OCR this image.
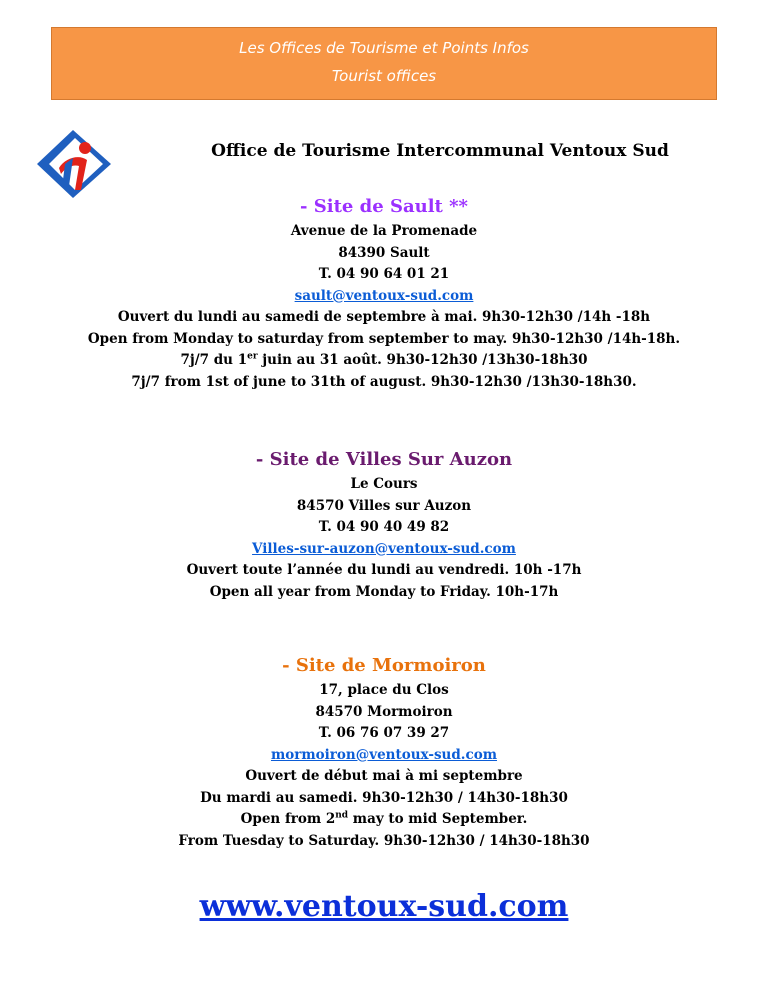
Les Offices de Tourisme et Points Infos
Tourist offices
Office de Tourisme Intercommunal Ventoux Sud
- Site de Sault **
Avenue de la Promenade
84390 Sault
T. 04 90 64 01 21
sault@ventoux-sud.com
Ouvert du lundi au samedi de septembre à mai. 9h30-12h30 /14h -18h
Open from Monday to saturday from september to may. 9h30-12h30 /14h-18h.
7j/7 du 1er juin au 31 août. 9h30-12h30 /13h30-18h30
7j/7 from 1st of june to 31th of august. 9h30-12h30 /13h30-18h30.
- Site de Villes Sur Auzon
Le Cours
84570 Villes sur Auzon
T. 04 90 40 49 82
Villes-sur-auzon@ventoux-sud.com
Ouvert toute l’année du lundi au vendredi. 10h -17h
Open all year from Monday to Friday. 10h-17h
- Site de Mormoiron
17, place du Clos
84570 Mormoiron
T. 06 76 07 39 27
mormoiron@ventoux-sud.com
Ouvert de début mai à mi septembre
Du mardi au samedi. 9h30-12h30 / 14h30-18h30
Open from 2nd may to mid September.
From Tuesday to Saturday. 9h30-12h30 / 14h30-18h30
www.ventoux-sud.com
